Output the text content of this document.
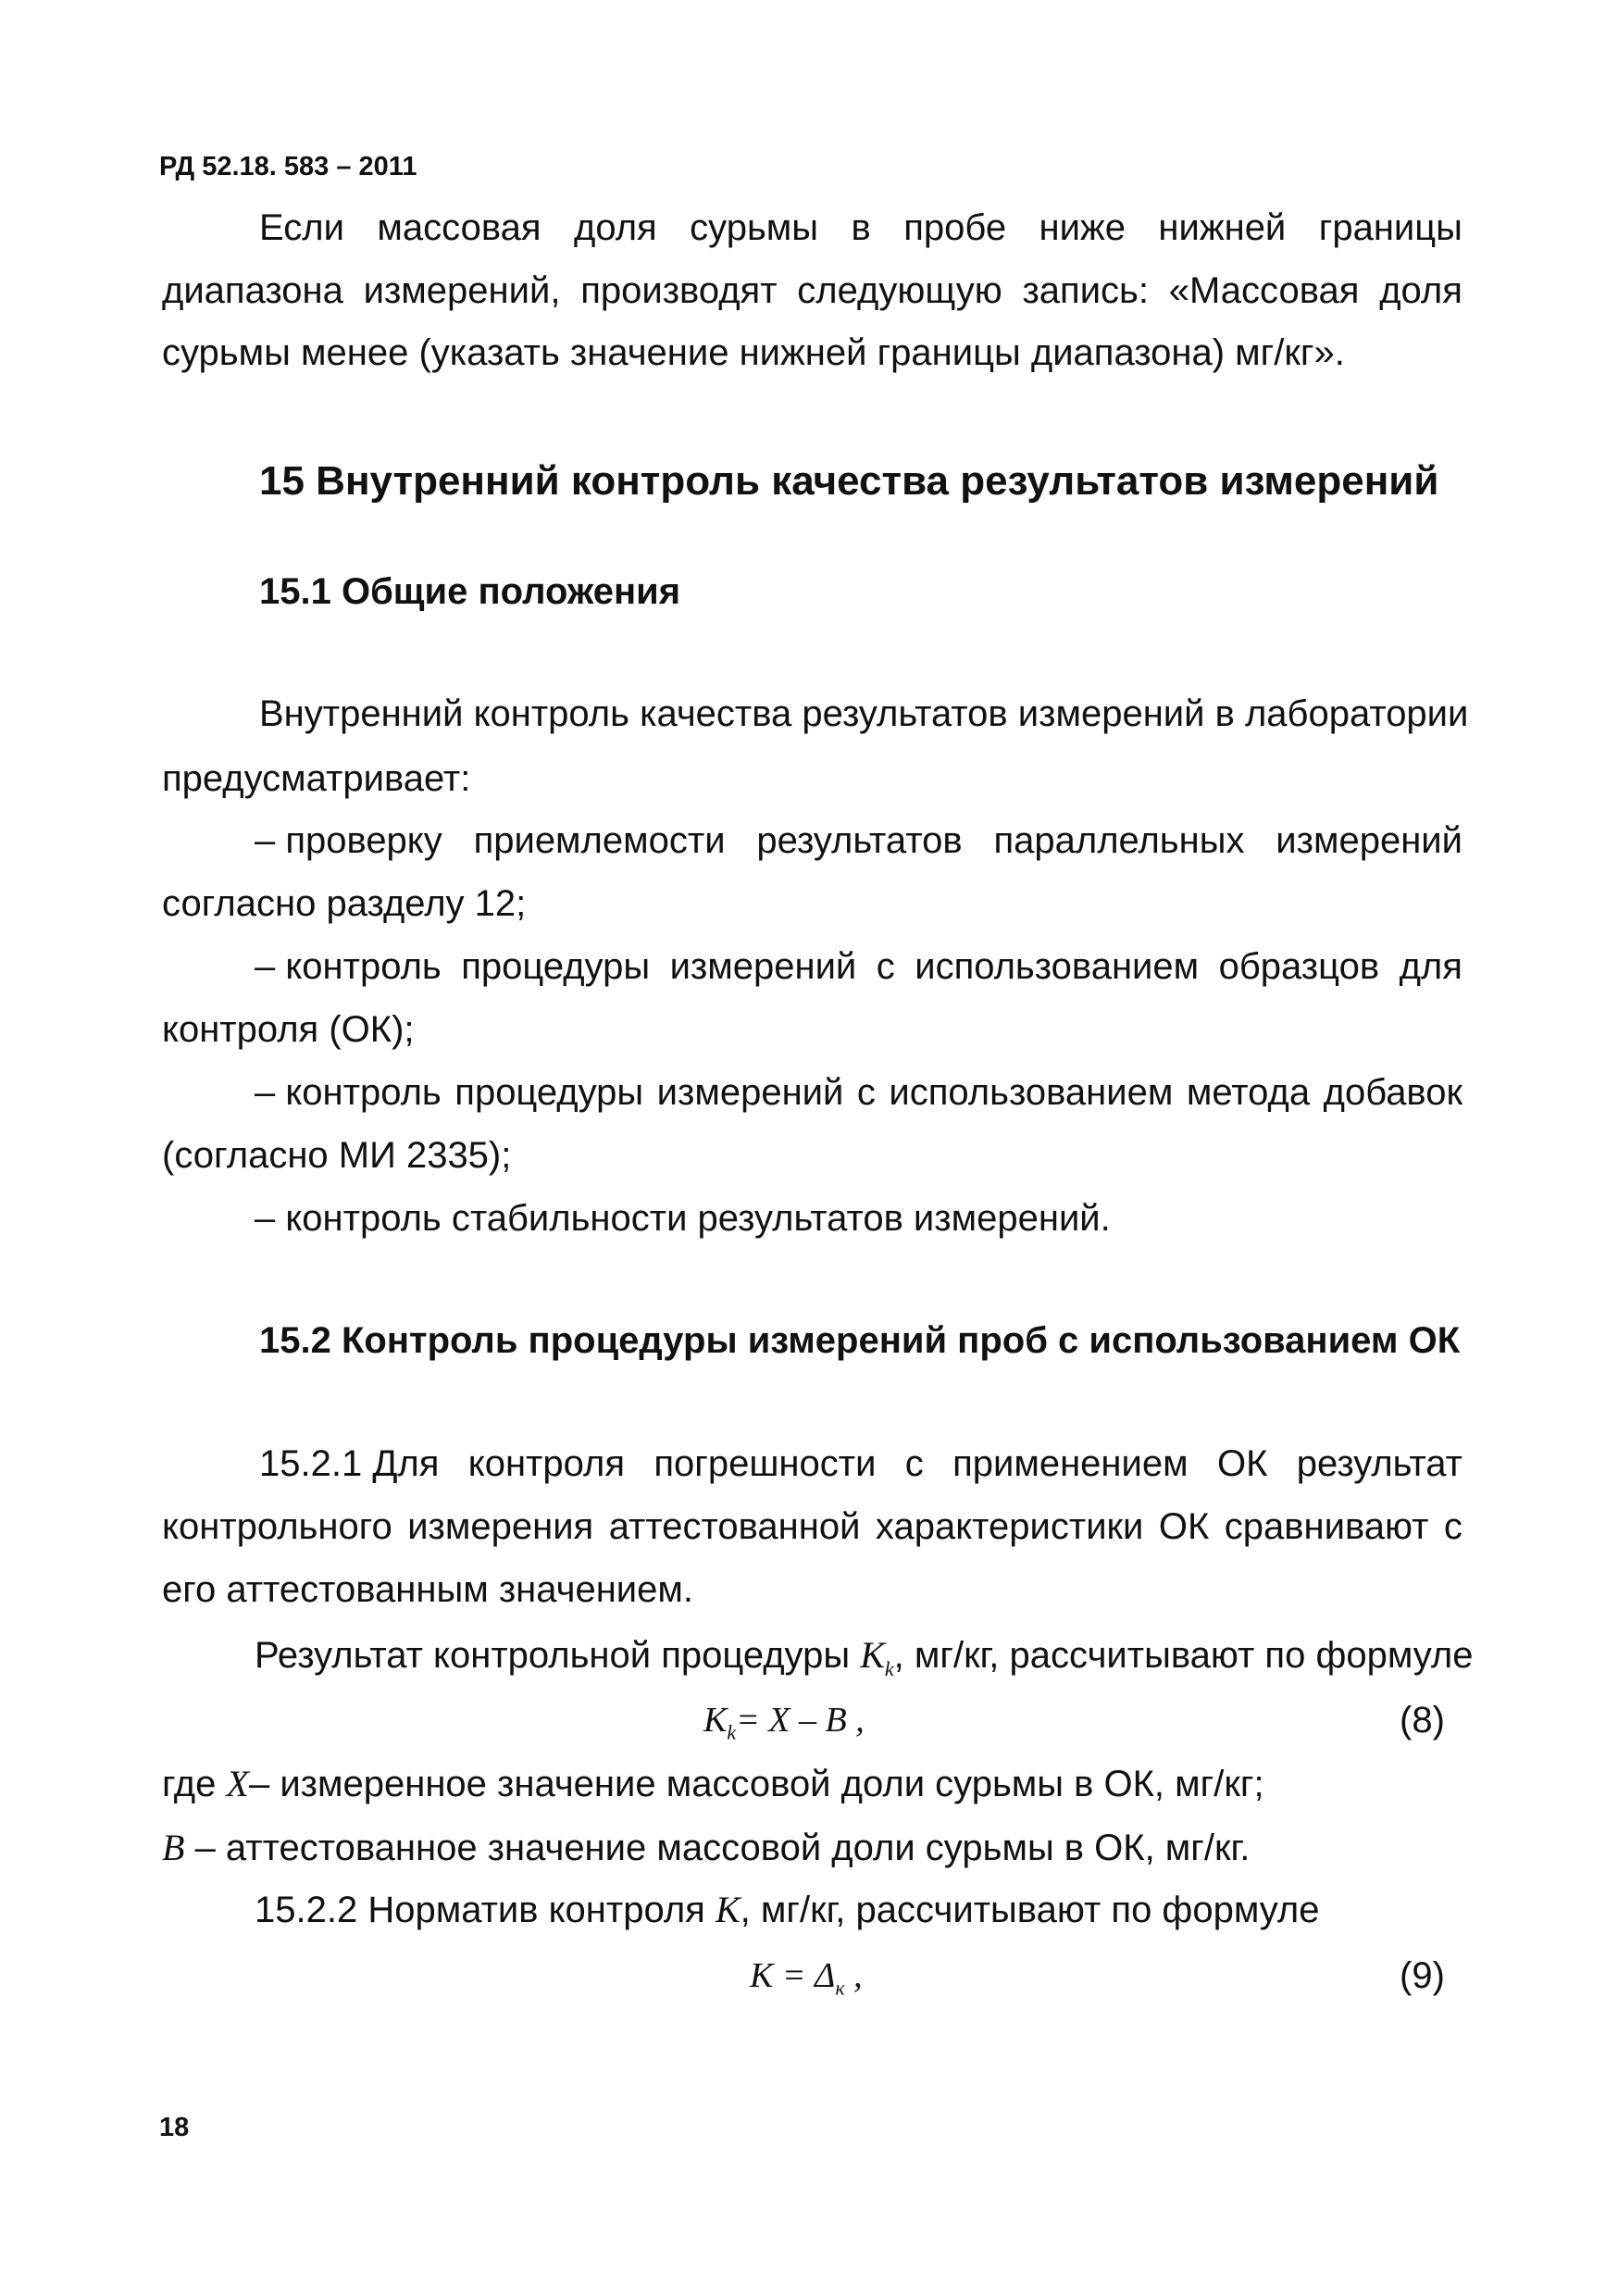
РД 52.18. 583 – 2011
Если массовая доля сурьмы в пробе ниже нижней границы
диапазона измерений, производят следующую запись: «Массовая доля
сурьмы менее (указать значение нижней границы диапазона) мг/кг».
15 Внутренний контроль качества результатов измерений
15.1 Общие положения
Внутренний контроль качества результатов измерений в лаборатории
предусматривает:
– проверку приемлемости результатов параллельных измерений
согласно разделу 12;
– контроль процедуры измерений с использованием образцов для
контроля (ОК);
– контроль процедуры измерений с использованием метода добавок
(согласно МИ 2335);
– контроль стабильности результатов измерений.
15.2 Контроль процедуры измерений проб с использованием ОК
15.2.1 Для контроля погрешности с применением ОК результат
контрольного измерения аттестованной характеристики ОК сравнивают с
его аттестованным значением.
Результат контрольной процедуры $K_k$, мг/кг, рассчитывают по формуле
$K_k= X - B$ ,	(8)
где X– измеренное значение массовой доли сурьмы в ОК, мг/кг;
B – аттестованное значение массовой доли сурьмы в ОК, мг/кг.
15.2.2 Норматив контроля K, мг/кг, рассчитывают по формуле
$K = \Delta_к$ ,	(9)
18
